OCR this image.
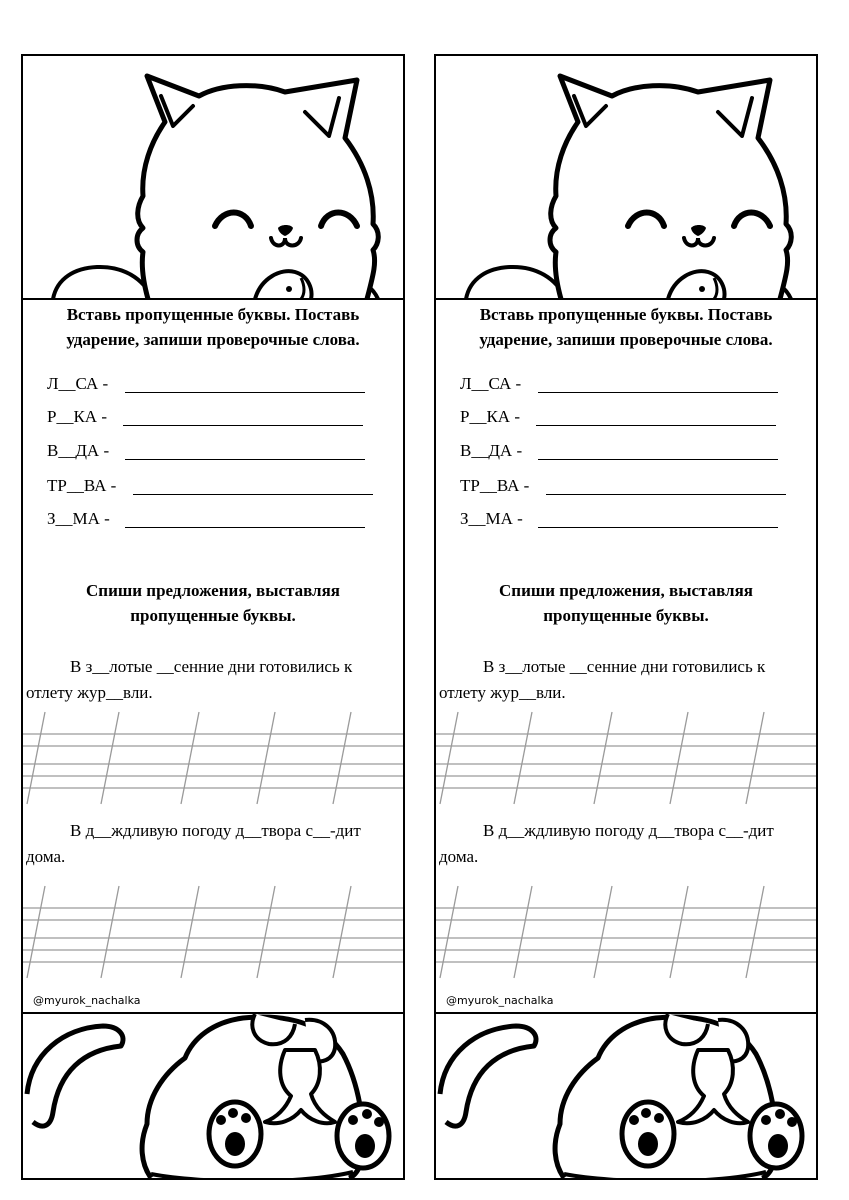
Вставь пропущенные буквы. Поставь
ударение, запиши проверочные слова.
Л__СА -
Р__КА -
В__ДА -
ТР__ВА -
З__МА -
Спиши предложения, выставляя
пропущенные буквы.
В з__лотые __сенние дни готовились к отлету жур__вли.
В д__ждливую погоду д__твора с__-дит дома.
@myurok_nachalka
Вставь пропущенные буквы. Поставь
ударение, запиши проверочные слова.
Л__СА -
Р__КА -
В__ДА -
ТР__ВА -
З__МА -
Спиши предложения, выставляя
пропущенные буквы.
В з__лотые __сенние дни готовились к отлету жур__вли.
В д__ждливую погоду д__твора с__-дит дома.
@myurok_nachalka
